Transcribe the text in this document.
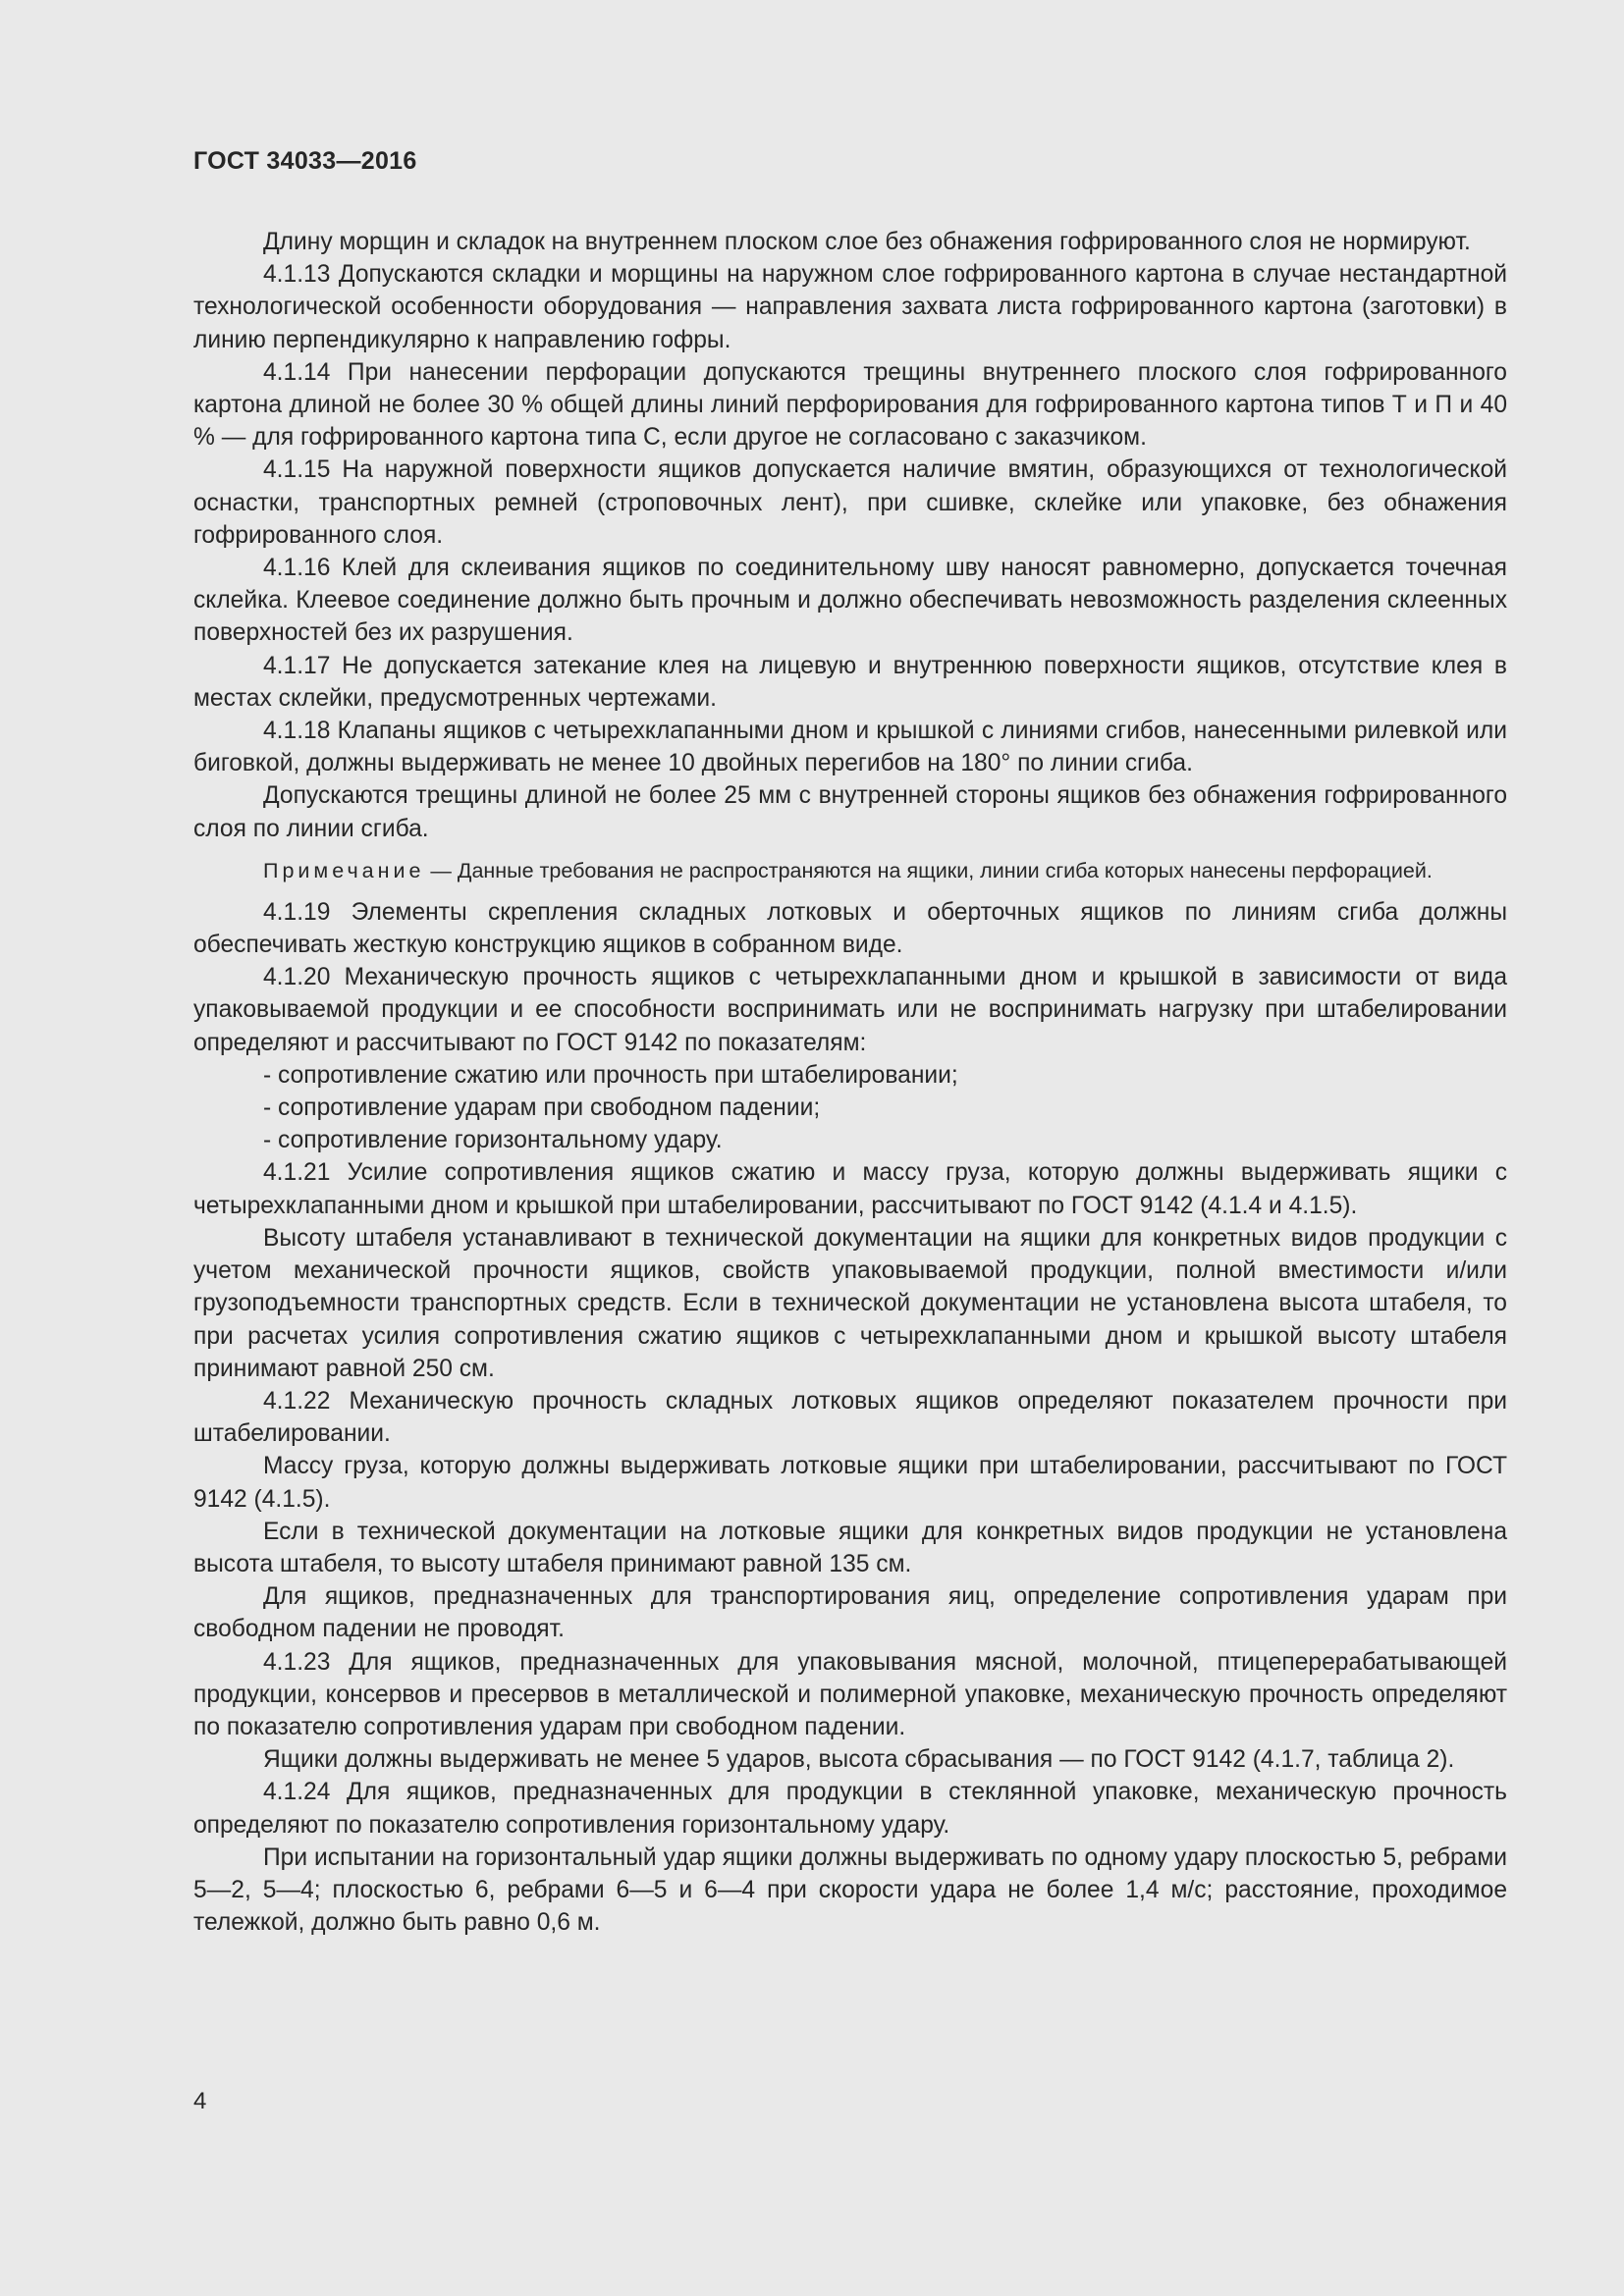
ГОСТ 34033—2016

Длину морщин и складок на внутреннем плоском слое без обнажения гофрированного слоя не нормируют.

4.1.13 Допускаются складки и морщины на наружном слое гофрированного картона в случае нестандартной технологической особенности оборудования — направления захвата листа гофрированного картона (заготовки) в линию перпендикулярно к направлению гофры.

4.1.14 При нанесении перфорации допускаются трещины внутреннего плоского слоя гофрированного картона длиной не более 30 % общей длины линий перфорирования для гофрированного картона типов Т и П и 40 % — для гофрированного картона типа С, если другое не согласовано с заказчиком.

4.1.15 На наружной поверхности ящиков допускается наличие вмятин, образующихся от технологической оснастки, транспортных ремней (строповочных лент), при сшивке, склейке или упаковке, без обнажения гофрированного слоя.

4.1.16 Клей для склеивания ящиков по соединительному шву наносят равномерно, допускается точечная склейка. Клеевое соединение должно быть прочным и должно обеспечивать невозможность разделения склеенных поверхностей без их разрушения.

4.1.17 Не допускается затекание клея на лицевую и внутреннюю поверхности ящиков, отсутствие клея в местах склейки, предусмотренных чертежами.

4.1.18 Клапаны ящиков с четырехклапанными дном и крышкой с линиями сгибов, нанесенными рилевкой или биговкой, должны выдерживать не менее 10 двойных перегибов на 180° по линии сгиба.

Допускаются трещины длиной не более 25 мм с внутренней стороны ящиков без обнажения гофрированного слоя по линии сгиба.

Примечание — Данные требования не распространяются на ящики, линии сгиба которых нанесены перфорацией.

4.1.19 Элементы скрепления складных лотковых и оберточных ящиков по линиям сгиба должны обеспечивать жесткую конструкцию ящиков в собранном виде.

4.1.20 Механическую прочность ящиков с четырехклапанными дном и крышкой в зависимости от вида упаковываемой продукции и ее способности воспринимать или не воспринимать нагрузку при штабелировании определяют и рассчитывают по ГОСТ 9142 по показателям:

- сопротивление сжатию или прочность при штабелировании;

- сопротивление ударам при свободном падении;

- сопротивление горизонтальному удару.

4.1.21 Усилие сопротивления ящиков сжатию и массу груза, которую должны выдерживать ящики с четырехклапанными дном и крышкой при штабелировании, рассчитывают по ГОСТ 9142 (4.1.4 и 4.1.5).

Высоту штабеля устанавливают в технической документации на ящики для конкретных видов продукции с учетом механической прочности ящиков, свойств упаковываемой продукции, полной вместимости и/или грузоподъемности транспортных средств. Если в технической документации не установлена высота штабеля, то при расчетах усилия сопротивления сжатию ящиков с четырехклапанными дном и крышкой высоту штабеля принимают равной 250 см.

4.1.22 Механическую прочность складных лотковых ящиков определяют показателем прочности при штабелировании.

Массу груза, которую должны выдерживать лотковые ящики при штабелировании, рассчитывают по ГОСТ 9142 (4.1.5).

Если в технической документации на лотковые ящики для конкретных видов продукции не установлена высота штабеля, то высоту штабеля принимают равной 135 см.

Для ящиков, предназначенных для транспортирования яиц, определение сопротивления ударам при свободном падении не проводят.

4.1.23 Для ящиков, предназначенных для упаковывания мясной, молочной, птицеперерабатывающей продукции, консервов и пресервов в металлической и полимерной упаковке, механическую прочность определяют по показателю сопротивления ударам при свободном падении.

Ящики должны выдерживать не менее 5 ударов, высота сбрасывания — по ГОСТ 9142 (4.1.7, таблица 2).

4.1.24 Для ящиков, предназначенных для продукции в стеклянной упаковке, механическую прочность определяют по показателю сопротивления горизонтальному удару.

При испытании на горизонтальный удар ящики должны выдерживать по одному удару плоскостью 5, ребрами 5—2, 5—4; плоскостью 6, ребрами 6—5 и 6—4 при скорости удара не более 1,4 м/с; расстояние, проходимое тележкой, должно быть равно 0,6 м.

4
